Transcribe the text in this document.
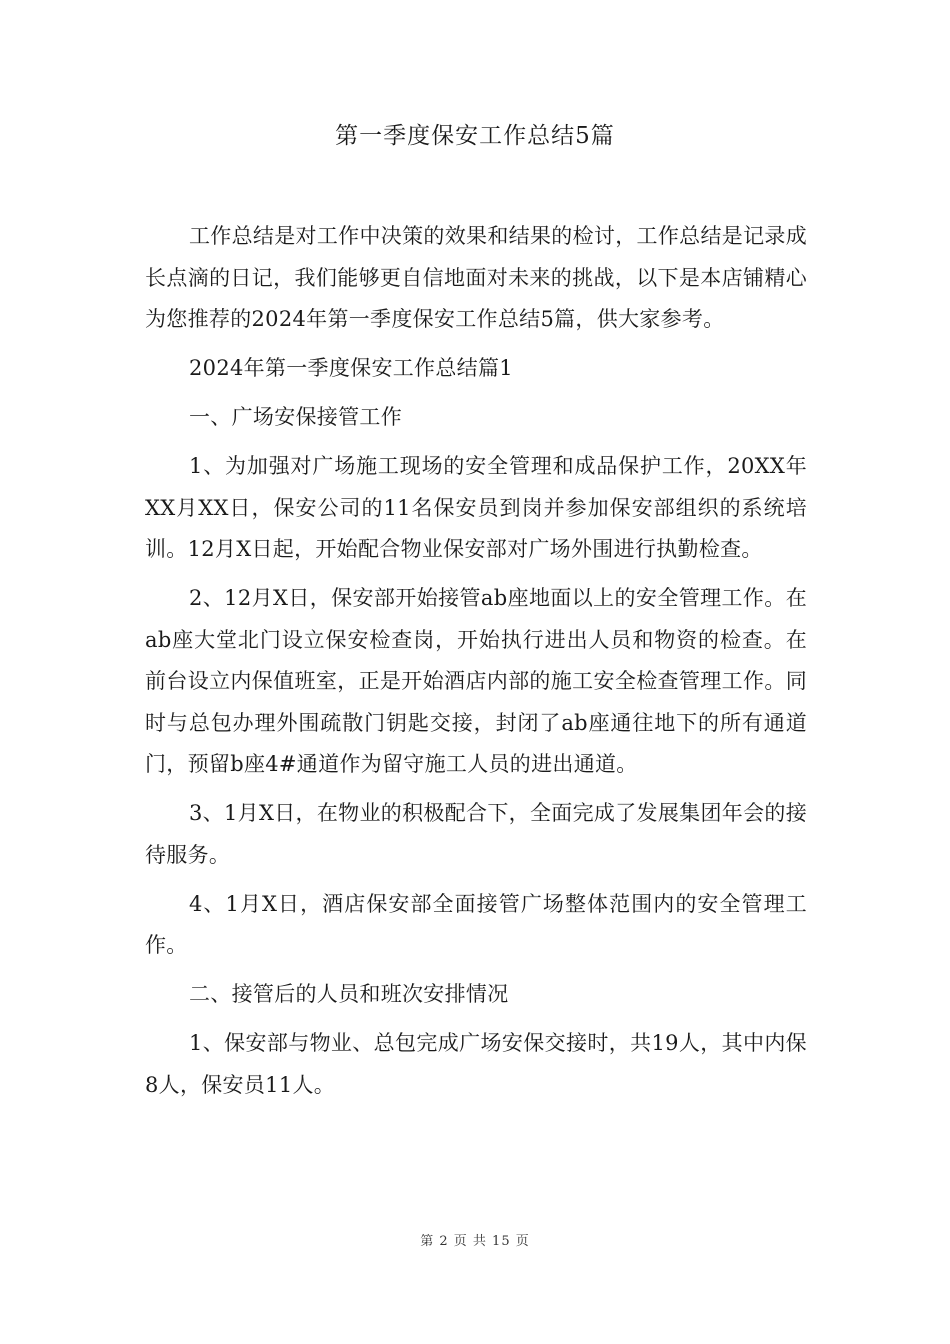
第一季度保安工作总结5篇

工作总结是对工作中决策的效果和结果的检讨，工作总结是记录成长点滴的日记，我们能够更自信地面对未来的挑战，以下是本店铺精心为您推荐的2024年第一季度保安工作总结5篇，供大家参考。

2024年第一季度保安工作总结篇1

一、广场安保接管工作

1、为加强对广场施工现场的安全管理和成品保护工作，20XX年XX月XX日，保安公司的11名保安员到岗并参加保安部组织的系统培训。12月X日起，开始配合物业保安部对广场外围进行执勤检查。

2、12月X日，保安部开始接管ab座地面以上的安全管理工作。在ab座大堂北门设立保安检查岗，开始执行进出人员和物资的检查。在前台设立内保值班室，正是开始酒店内部的施工安全检查管理工作。同时与总包办理外围疏散门钥匙交接，封闭了ab座通往地下的所有通道门，预留b座4#通道作为留守施工人员的进出通道。

3、1月X日，在物业的积极配合下，全面完成了发展集团年会的接待服务。

4、1月X日，酒店保安部全面接管广场整体范围内的安全管理工作。

二、接管后的人员和班次安排情况

1、保安部与物业、总包完成广场安保交接时，共19人，其中内保8人，保安员11人。

第 2 页 共 15 页
